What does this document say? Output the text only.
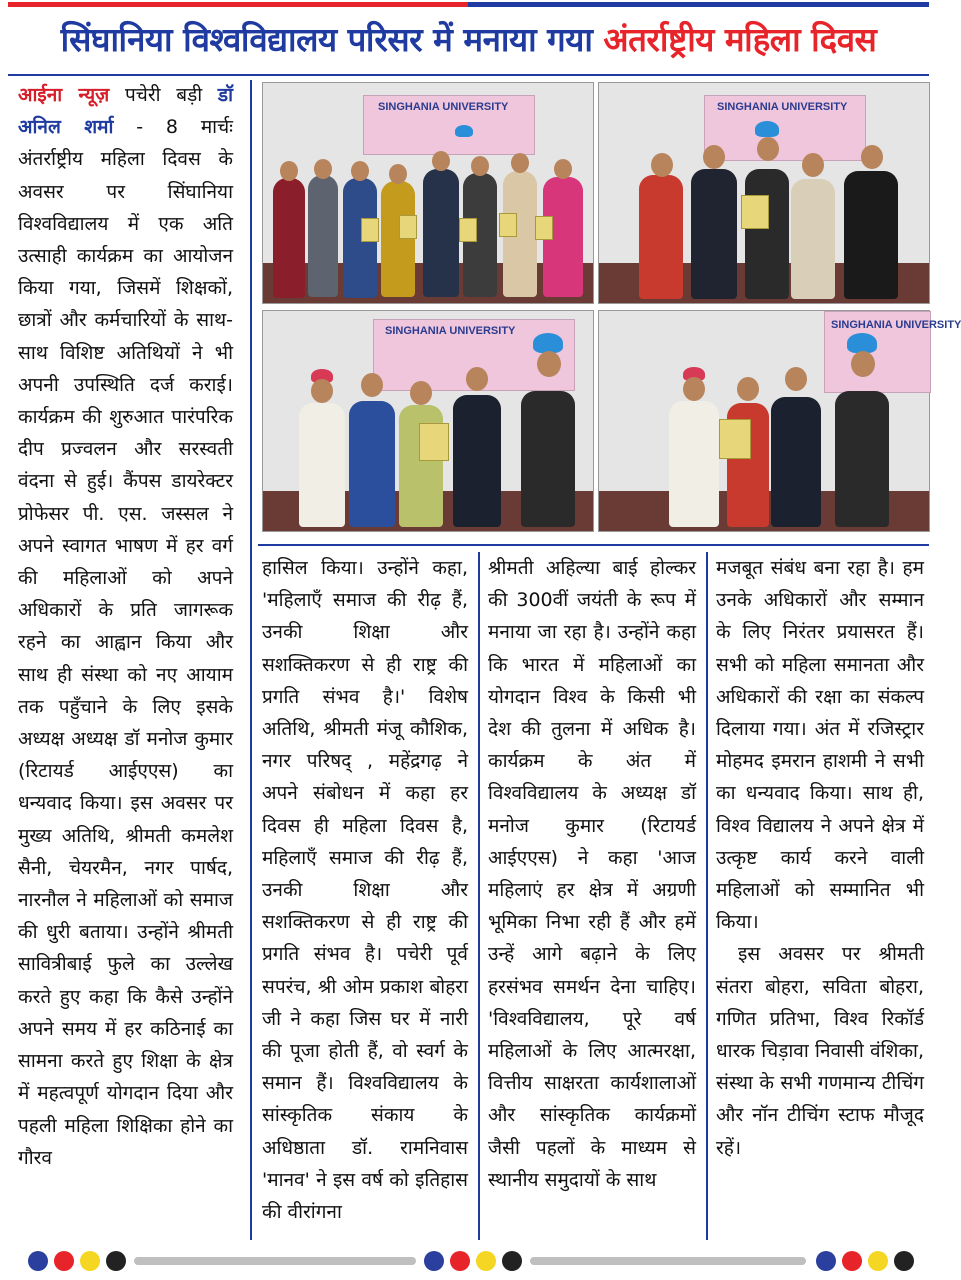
सिंघानिया विश्वविद्यालय परिसर में मनाया गया अंतर्राष्ट्रीय महिला दिवस

आईना न्यूज़ पचेरी बड़ी डॉ अनिल शर्मा - 8 मार्चः अंतर्राष्ट्रीय महिला दिवस के अवसर पर सिंघानिया विश्वविद्यालय में एक अति उत्साही कार्यक्रम का आयोजन किया गया, जिसमें शिक्षकों, छात्रों और कर्मचारियों के साथ-साथ विशिष्ट अतिथियों ने भी अपनी उपस्थिति दर्ज कराई। कार्यक्रम की शुरुआत पारंपरिक दीप प्रज्वलन और सरस्वती वंदना से हुई। कैंपस डायरेक्टर प्रोफेसर पी. एस. जस्सल ने अपने स्वागत भाषण में हर वर्ग की महिलाओं को अपने अधिकारों के प्रति जागरूक रहने का आह्वान किया और साथ ही संस्था को नए आयाम तक पहुँचाने के लिए इसके अध्यक्ष अध्यक्ष डॉ मनोज कुमार (रिटायर्ड आईएएस) का धन्यवाद किया। इस अवसर पर मुख्य अतिथि, श्रीमती कमलेश सैनी, चेयरमैन, नगर पार्षद, नारनौल ने महिलाओं को समाज की धुरी बताया। उन्होंने श्रीमती सावित्रीबाई फुले का उल्लेख करते हुए कहा कि कैसे उन्होंने अपने समय में हर कठिनाई का सामना करते हुए शिक्षा के क्षेत्र में महत्वपूर्ण योगदान दिया और पहली महिला शिक्षिका होने का गौरव

SINGHANIA UNIVERSITY	SINGHANIA UNIVERSITY
SINGHANIA UNIVERSITY	SINGHANIA UNIVERSITY

हासिल किया। उन्होंने कहा, 'महिलाएँ समाज की रीढ़ हैं, उनकी शिक्षा और सशक्तिकरण से ही राष्ट्र की प्रगति संभव है।' विशेष अतिथि, श्रीमती मंजू कौशिक, नगर परिषद् , महेंद्रगढ़ ने अपने संबोधन में कहा हर दिवस ही महिला दिवस है, महिलाएँ समाज की रीढ़ हैं, उनकी शिक्षा और सशक्तिकरण से ही राष्ट्र की प्रगति संभव है। पचेरी पूर्व सपरंच, श्री ओम प्रकाश बोहरा जी ने कहा जिस घर में नारी की पूजा होती हैं, वो स्वर्ग के समान हैं। विश्वविद्यालय के सांस्कृतिक संकाय के अधिष्ठाता डॉ. रामनिवास 'मानव' ने इस वर्ष को इतिहास की वीरांगना

श्रीमती अहिल्या बाई होल्कर की 300वीं जयंती के रूप में मनाया जा रहा है। उन्होंने कहा कि भारत में महिलाओं का योगदान विश्व के किसी भी देश की तुलना में अधिक है। कार्यक्रम के अंत में विश्वविद्यालय के अध्यक्ष डॉ मनोज कुमार (रिटायर्ड आईएएस) ने कहा 'आज महिलाएं हर क्षेत्र में अग्रणी भूमिका निभा रही हैं और हमें उन्हें आगे बढ़ाने के लिए हरसंभव समर्थन देना चाहिए। 'विश्वविद्यालय, पूरे वर्ष महिलाओं के लिए आत्मरक्षा, वित्तीय साक्षरता कार्यशालाओं और सांस्कृतिक कार्यक्रमों जैसी पहलों के माध्यम से स्थानीय समुदायों के साथ

मजबूत संबंध बना रहा है। हम उनके अधिकारों और सम्मान के लिए निरंतर प्रयासरत हैं। सभी को महिला समानता और अधिकारों की रक्षा का संकल्प दिलाया गया। अंत में रजिस्ट्रार मोहमद इमरान हाशमी ने सभी का धन्यवाद किया। साथ ही, विश्व विद्यालय ने अपने क्षेत्र में उत्कृष्ट कार्य करने वाली महिलाओं को सम्मानित भी किया।

इस अवसर पर श्रीमती संतरा बोहरा, सविता बोहरा, गणित प्रतिभा, विश्व रिकॉर्ड धारक चिड़ावा निवासी वंशिका, संस्था के सभी गणमान्य टीचिंग और नॉन टीचिंग स्टाफ मौजूद रहें।
